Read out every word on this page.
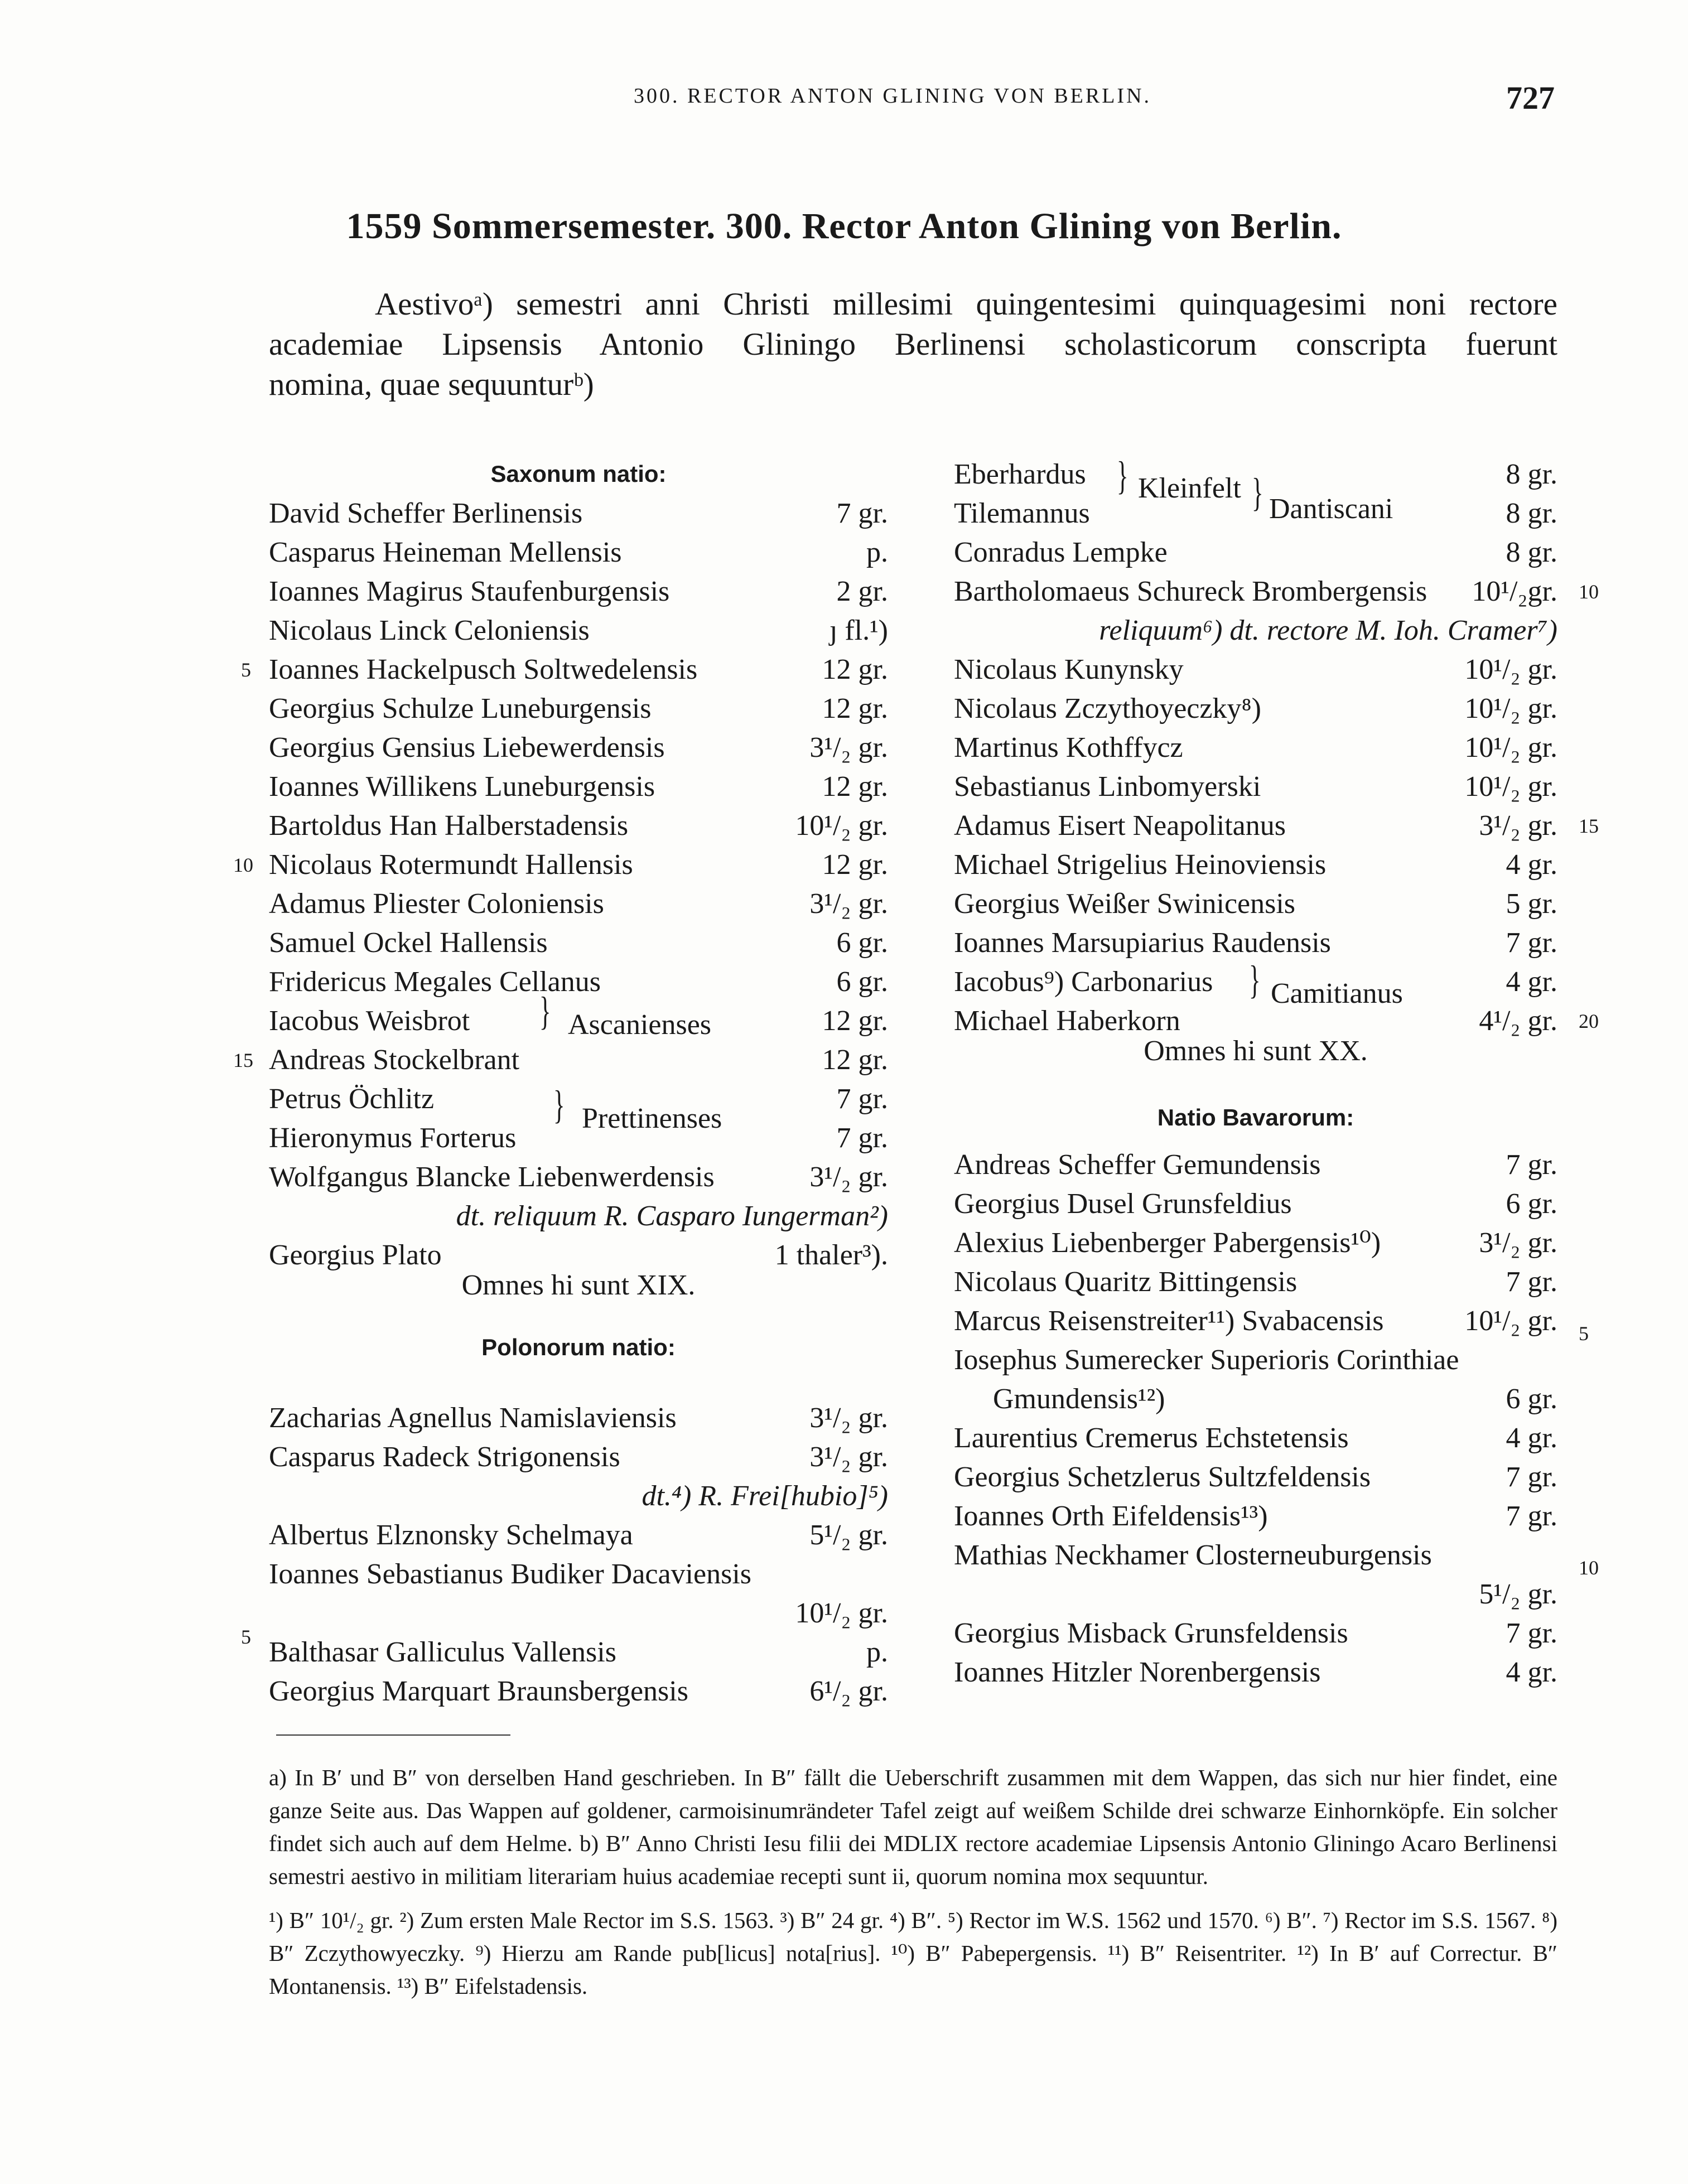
300. RECTOR ANTON GLINING VON BERLIN.	727
1559 Sommersemester. 300. Rector Anton Glining von Berlin.
Aestivoᵃ) semestri anni Christi millesimi quingentesimi quinquagesimi noni rectore
academiae Lipsensis Antonio Gliningo Berlinensi scholasticorum conscripta fuerunt
nomina, quae sequunturᵇ)
Saxonum natio:
David Scheffer Berlinensis	7 gr.
Casparus Heineman Mellensis	p.
Ioannes Magirus Staufenburgensis	2 gr.
Nicolaus Linck Celoniensis	ȷ fl.¹)
Ioannes Hackelpusch Soltwedelensis	12 gr.
Georgius Schulze Luneburgensis	12 gr.
Georgius Gensius Liebewerdensis	3¹/₂ gr.
Ioannes Willikens Luneburgensis	12 gr.
Bartoldus Han Halberstadensis	10¹/₂ gr.
Nicolaus Rotermundt Hallensis	12 gr.
Adamus Pliester Coloniensis	3¹/₂ gr.
Samuel Ockel Hallensis	6 gr.
Fridericus Megales Cellanus	6 gr.
Iacobus Weisbrot	12 gr.
Andreas Stockelbrant	12 gr.
Petrus Öchlitz	7 gr.
Hieronymus Forterus	7 gr.
Wolfgangus Blancke Liebenwerdensis	3¹/₂ gr.
dt. reliquum R. Casparo Iungerman²)
Georgius Plato	1 thaler³).
} Ascanienses
} Prettinenses
Omnes hi sunt XIX.
Polonorum natio:
Zacharias Agnellus Namislaviensis	3¹/₂ gr.
Casparus Radeck Strigonensis	3¹/₂ gr.
dt.⁴) R. Frei[hubio]⁵)
Albertus Elznonsky Schelmaya	5¹/₂ gr.
Ioannes Sebastianus Budiker Dacaviensis
10¹/₂ gr.
Balthasar Galliculus Vallensis	p.
Georgius Marquart Braunsbergensis	6¹/₂ gr.
5
10
15
5
Eberhardus	8 gr.
Tilemannus	8 gr.
Conradus Lempke	8 gr.
Bartholomaeus Schureck Brombergensis 10¹/₂gr.
reliquum⁶) dt. rectore M. Ioh. Cramer⁷)
Nicolaus Kunynsky	10¹/₂ gr.
Nicolaus Zczythoyeczky⁸)	10¹/₂ gr.
Martinus Kothffycz	10¹/₂ gr.
Sebastianus Linbomyerski	10¹/₂ gr.
Adamus Eisert Neapolitanus	3¹/₂ gr.
Michael Strigelius Heinoviensis	4 gr.
Georgius Weißer Swinicensis	5 gr.
Ioannes Marsupiarius Raudensis	7 gr.
Iacobus⁹) Carbonarius	4 gr.
Michael Haberkorn	4¹/₂ gr.
} Kleinfelt } Dantiscani
} Camitianus
Omnes hi sunt XX.
Natio Bavarorum:
Andreas Scheffer Gemundensis	7 gr.
Georgius Dusel Grunsfeldius	6 gr.
Alexius Liebenberger Pabergensis¹⁰)	3¹/₂ gr.
Nicolaus Quaritz Bittingensis	7 gr.
Marcus Reisenstreiter¹¹) Svabacensis	10¹/₂ gr.
Iosephus Sumerecker Superioris Corinthiae
Gmundensis¹²)	6 gr.
Laurentius Cremerus Echstetensis	4 gr.
Georgius Schetzlerus Sultzfeldensis	7 gr.
Ioannes Orth Eifeldensis¹³)	7 gr.
Mathias Neckhamer Closterneuburgensis
5¹/₂ gr.
Georgius Misback Grunsfeldensis	7 gr.
Ioannes Hitzler Norenbergensis	4 gr.
10
15
20
5
10

a) In B′ und B″ von derselben Hand geschrieben. In B″ fällt die Ueberschrift zusammen mit dem Wappen, das sich nur hier findet, eine ganze Seite aus. Das Wappen auf goldener, carmoisinumrändeter Tafel zeigt auf weißem Schilde drei schwarze Einhornköpfe. Ein solcher findet sich auch auf dem Helme. b) B″ Anno Christi Iesu filii dei MDLIX rectore academiae Lipsensis Antonio Gliningo Acaro Berlinensi semestri aestivo in militiam literariam huius academiae recepti sunt ii, quorum nomina mox sequuntur.

¹) B″ 10¹/₂ gr. ²) Zum ersten Male Rector im S.S. 1563. ³) B″ 24 gr. ⁴) B″. ⁵) Rector im W.S. 1562 und 1570. ⁶) B″. ⁷) Rector im S.S. 1567. ⁸) B″ Zczythowyeczky. ⁹) Hierzu am Rande pub[licus] nota[rius]. ¹⁰) B″ Pabepergensis. ¹¹) B″ Reisentriter. ¹²) In B′ auf Correctur. B″ Montanensis. ¹³) B″ Eifelstadensis.
